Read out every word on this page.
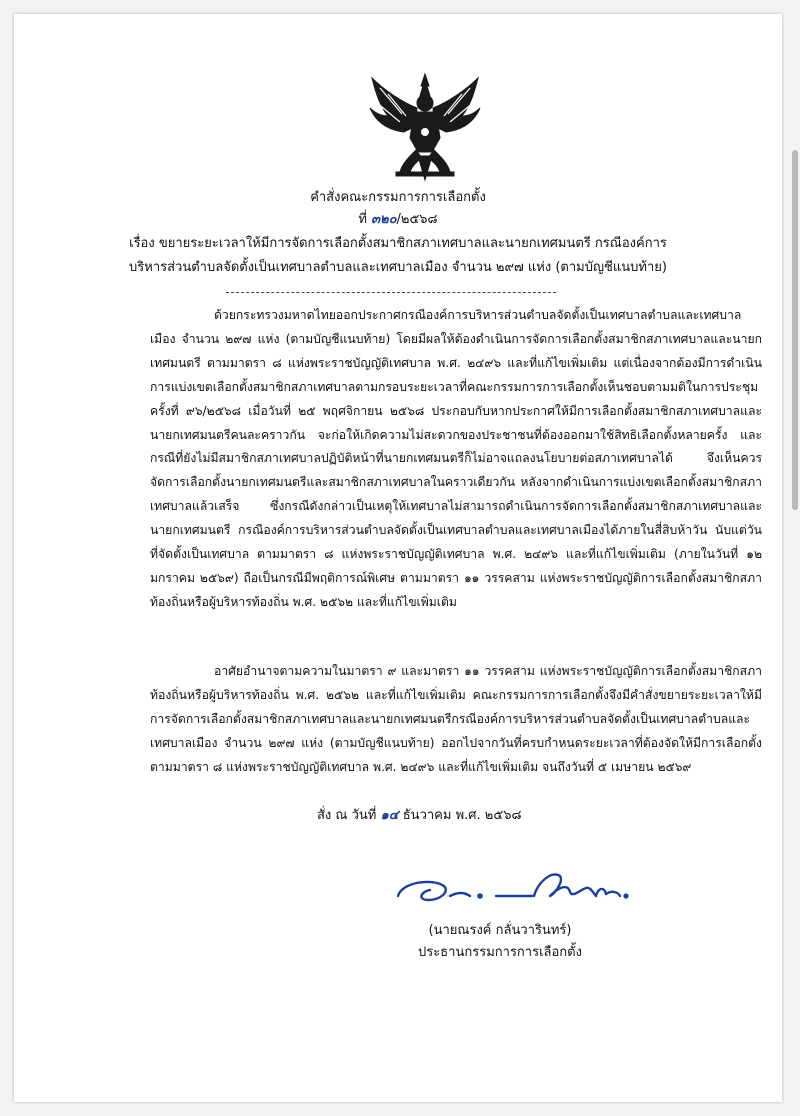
คำสั่งคณะกรรมการการเลือกตั้ง
ที่ ๓๒๐/๒๕๖๘
เรื่อง ขยายระยะเวลาให้มีการจัดการเลือกตั้งสมาชิกสภาเทศบาลและนายกเทศมนตรี กรณีองค์การ
บริหารส่วนตำบลจัดตั้งเป็นเทศบาลตำบลและเทศบาลเมือง จำนวน ๒๙๗ แห่ง (ตามบัญชีแนบท้าย)

ด้วยกระทรวงมหาดไทยออกประกาศกรณีองค์การบริหารส่วนตำบลจัดตั้งเป็นเทศบาลตำบลและเทศบาลเมือง จำนวน ๒๙๗ แห่ง (ตามบัญชีแนบท้าย) โดยมีผลให้ต้องดำเนินการจัดการเลือกตั้งสมาชิกสภาเทศบาลและนายกเทศมนตรี ตามมาตรา ๘ แห่งพระราชบัญญัติเทศบาล พ.ศ. ๒๔๙๖ และที่แก้ไขเพิ่มเติม แต่เนื่องจากต้องมีการดำเนินการแบ่งเขตเลือกตั้งสมาชิกสภาเทศบาลตามกรอบระยะเวลาที่คณะกรรมการการเลือกตั้งเห็นชอบตามมติในการประชุมครั้งที่ ๙๖/๒๕๖๘ เมื่อวันที่ ๒๕ พฤศจิกายน ๒๕๖๘ ประกอบกับหากประกาศให้มีการเลือกตั้งสมาชิกสภาเทศบาลและนายกเทศมนตรีคนละคราวกัน จะก่อให้เกิดความไม่สะดวกของประชาชนที่ต้องออกมาใช้สิทธิเลือกตั้งหลายครั้ง และกรณีที่ยังไม่มีสมาชิกสภาเทศบาลปฏิบัติหน้าที่นายกเทศมนตรีก็ไม่อาจแถลงนโยบายต่อสภาเทศบาลได้ จึงเห็นควรจัดการเลือกตั้งนายกเทศมนตรีและสมาชิกสภาเทศบาลในคราวเดียวกัน หลังจากดำเนินการแบ่งเขตเลือกตั้งสมาชิกสภาเทศบาลแล้วเสร็จ ซึ่งกรณีดังกล่าวเป็นเหตุให้เทศบาลไม่สามารถดำเนินการจัดการเลือกตั้งสมาชิกสภาเทศบาลและนายกเทศมนตรี กรณีองค์การบริหารส่วนตำบลจัดตั้งเป็นเทศบาลตำบลและเทศบาลเมืองได้ภายในสี่สิบห้าวัน นับแต่วันที่จัดตั้งเป็นเทศบาล ตามมาตรา ๘ แห่งพระราชบัญญัติเทศบาล พ.ศ. ๒๔๙๖ และที่แก้ไขเพิ่มเติม (ภายในวันที่ ๑๒ มกราคม ๒๕๖๙) ถือเป็นกรณีมีพฤติการณ์พิเศษ ตามมาตรา ๑๑ วรรคสาม แห่งพระราชบัญญัติการเลือกตั้งสมาชิกสภาท้องถิ่นหรือผู้บริหารท้องถิ่น พ.ศ. ๒๕๖๒ และที่แก้ไขเพิ่มเติม

อาศัยอำนาจตามความในมาตรา ๙ และมาตรา ๑๑ วรรคสาม แห่งพระราชบัญญัติการเลือกตั้งสมาชิกสภาท้องถิ่นหรือผู้บริหารท้องถิ่น พ.ศ. ๒๕๖๒ และที่แก้ไขเพิ่มเติม คณะกรรมการการเลือกตั้งจึงมีคำสั่งขยายระยะเวลาให้มีการจัดการเลือกตั้งสมาชิกสภาเทศบาลและนายกเทศมนตรีกรณีองค์การบริหารส่วนตำบลจัดตั้งเป็นเทศบาลตำบลและเทศบาลเมือง จำนวน ๒๙๗ แห่ง (ตามบัญชีแนบท้าย) ออกไปจากวันที่ครบกำหนดระยะเวลาที่ต้องจัดให้มีการเลือกตั้ง ตามมาตรา ๘ แห่งพระราชบัญญัติเทศบาล พ.ศ. ๒๔๙๖ และที่แก้ไขเพิ่มเติม จนถึงวันที่ ๕ เมษายน ๒๕๖๙

สั่ง ณ วันที่ ๑๔ ธันวาคม พ.ศ. ๒๕๖๘
(นายณรงค์ กลั่นวารินทร์)
ประธานกรรมการการเลือกตั้ง
